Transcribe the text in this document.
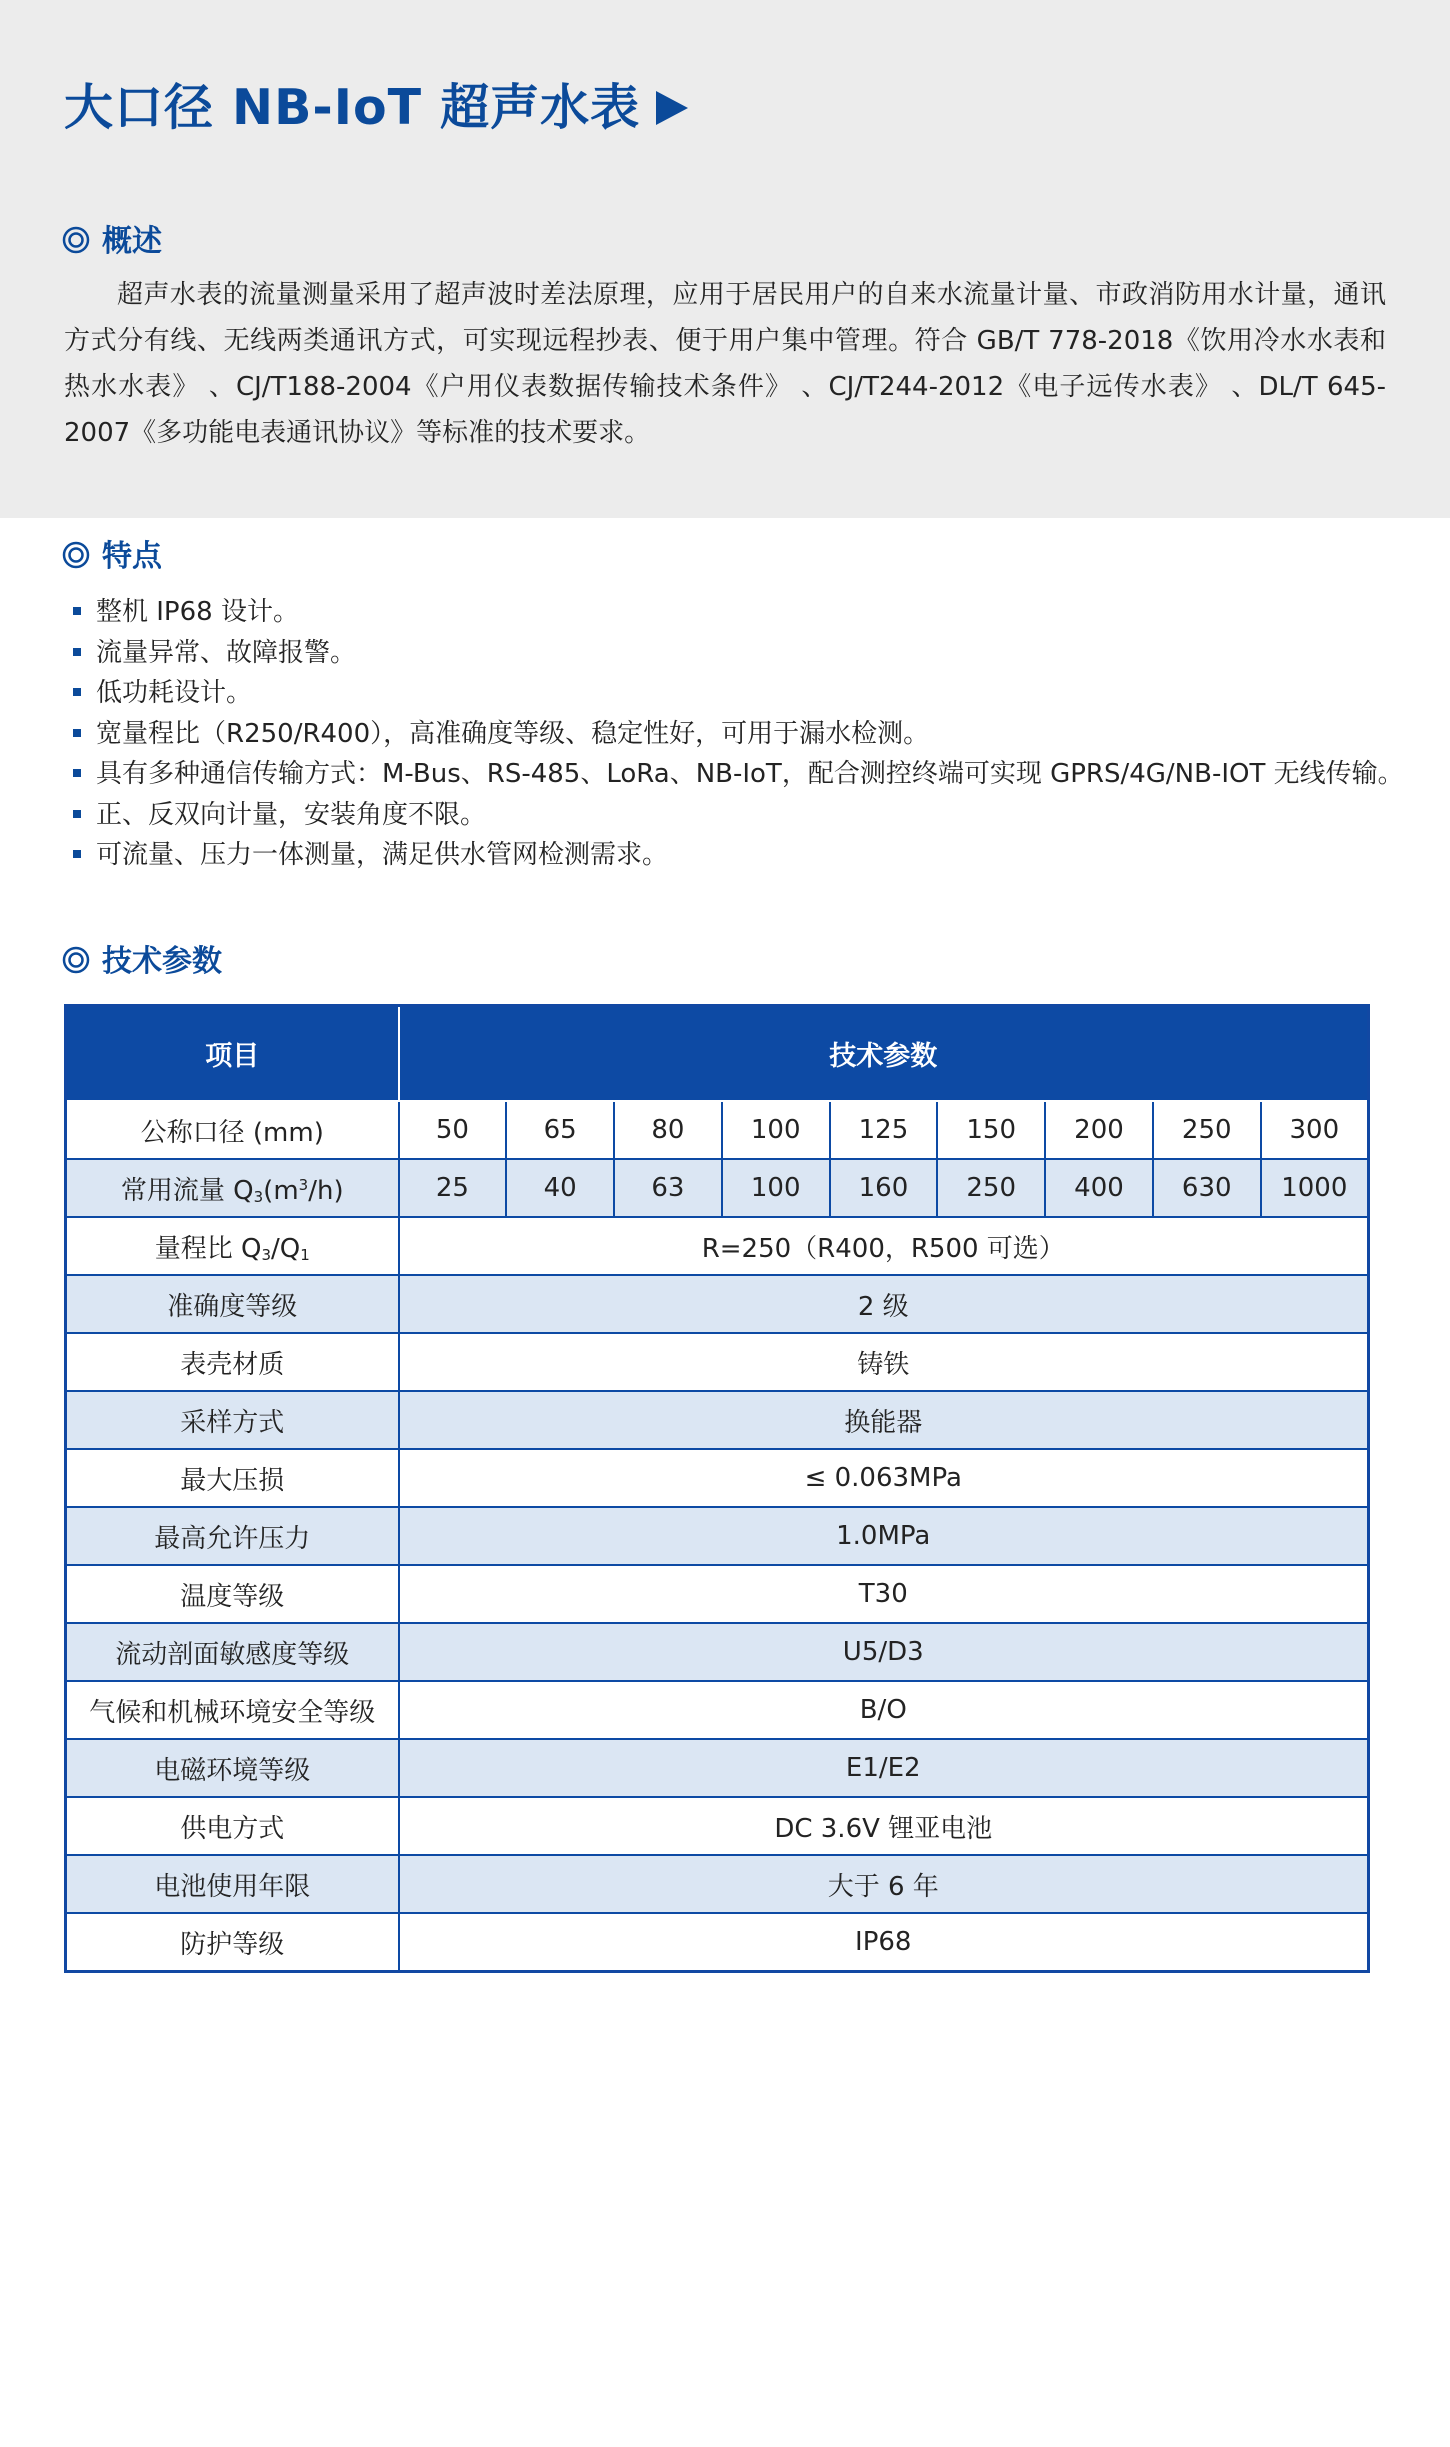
大口径 NB-IoT 超声水表
概述

超声水表的流量测量采用了超声波时差法原理，应用于居民用户的自来水流量计量、市政消防用水计量，通讯方式分有线、无线两类通讯方式，可实现远程抄表、便于用户集中管理。符合 GB/T 778-2018《饮用冷水水表和热水水表》 、CJ/T188-2004《户用仪表数据传输技术条件》 、CJ/T244-2012《电子远传水表》 、DL/T 645-2007《多功能电表通讯协议》等标准的技术要求。

特点
整机 IP68 设计。
流量异常、故障报警。
低功耗设计。
宽量程比（R250/R400），高准确度等级、稳定性好，可用于漏水检测。
具有多种通信传输方式：M-Bus、RS-485、LoRa、NB-IoT，配合测控终端可实现 GPRS/4G/NB-IOT 无线传输。
正、反双向计量，安装角度不限。
可流量、压力一体测量，满足供水管网检测需求。
技术参数
项目	技术参数								
公称口径 (mm)	50	65	80	100	125	150	200	250	300
常用流量 $Q_3(m^3/h)$	25	40	63	100	160	250	400	630	1000
量程比 $Q_3/Q_1$	R=250（R400，R500 可选）								
准确度等级	2 级								
表壳材质	铸铁								
采样方式	换能器								
最大压损	≤ 0.063MPa								
最高允许压力	1.0MPa								
温度等级	T30								
流动剖面敏感度等级	U5/D3								
气候和机械环境安全等级	B/O								
电磁环境等级	E1/E2								
供电方式	DC 3.6V 锂亚电池								
电池使用年限	大于 6 年								
防护等级	IP68								
